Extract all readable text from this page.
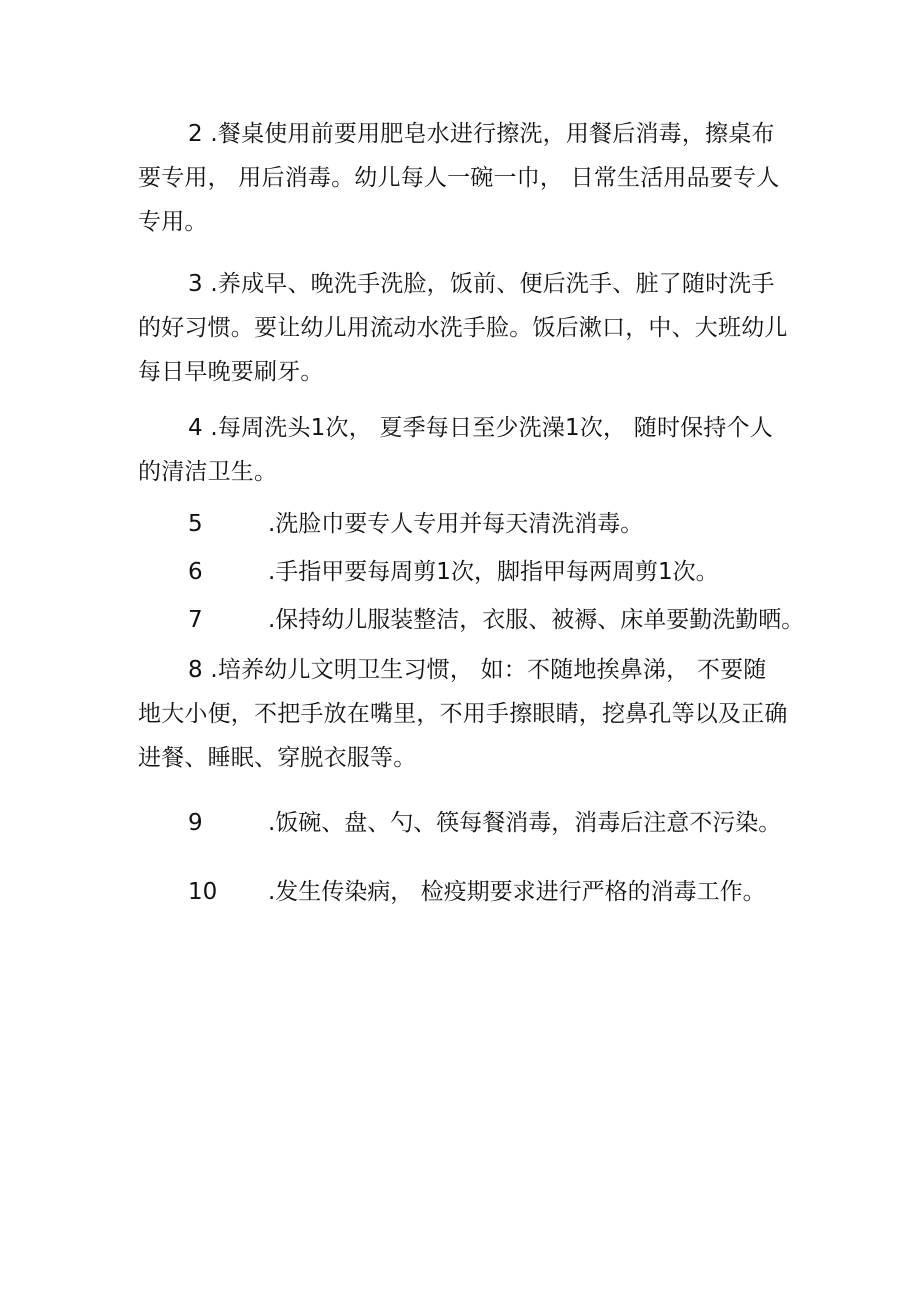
2 .餐桌使用前要用肥皂水进行擦洗，用餐后消毒，擦桌布要专用， 用后消毒。幼儿每人一碗一巾， 日常生活用品要专人专用。

3 .养成早、晚洗手洗脸，饭前、便后洗手、脏了随时洗手的好习惯。要让幼儿用流动水洗手脸。饭后漱口，中、大班幼儿每日早晚要刷牙。

4 .每周洗头1次， 夏季每日至少洗澡1次， 随时保持个人的清洁卫生。

5	.洗脸巾要专人专用并每天清洗消毒。
6	.手指甲要每周剪1次，脚指甲每两周剪1次。
7	.保持幼儿服装整洁，衣服、被褥、床单要勤洗勤晒。

8 .培养幼儿文明卫生习惯， 如：不随地挨鼻涕， 不要随地大小便，不把手放在嘴里，不用手擦眼睛，挖鼻孔等以及正确进餐、睡眠、穿脱衣服等。

9	.饭碗、盘、勺、筷每餐消毒，消毒后注意不污染。
10 .发生传染病， 检疫期要求进行严格的消毒工作。
